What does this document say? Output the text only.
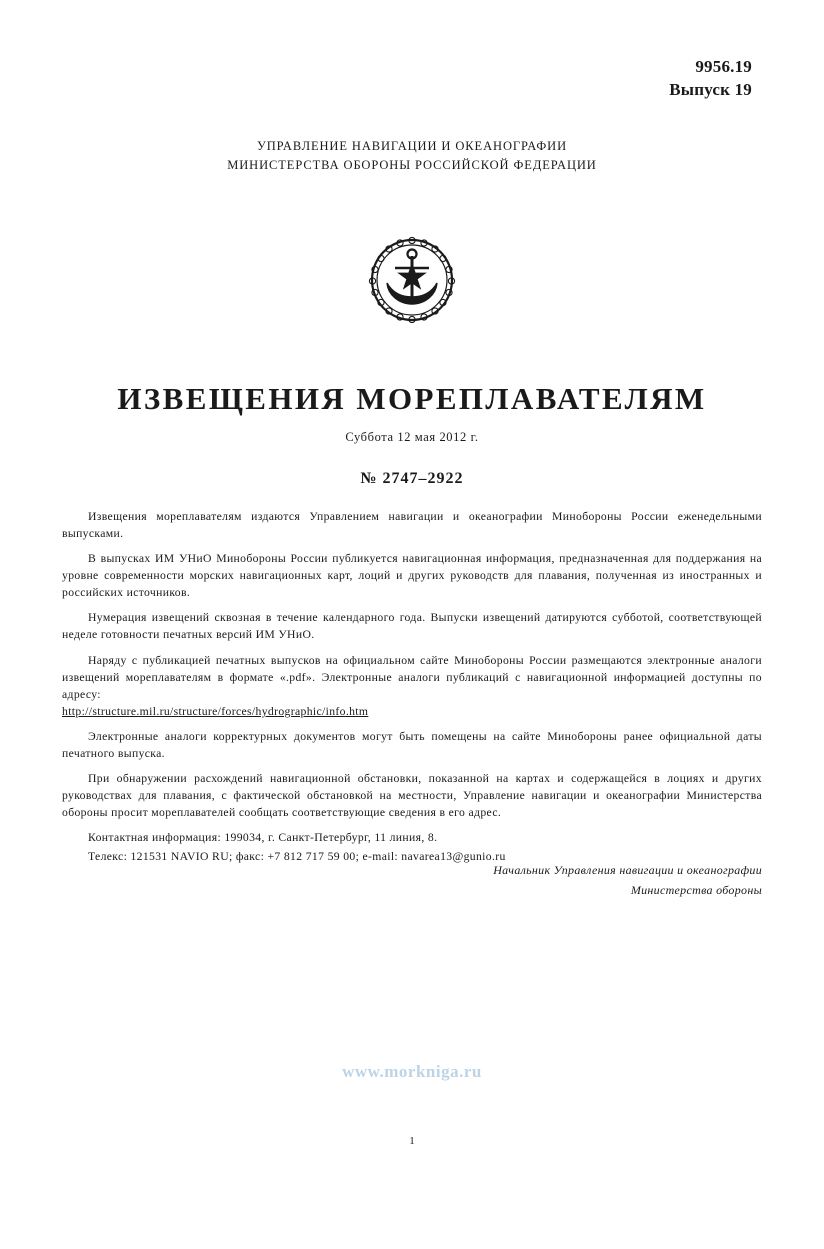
9956.19
Выпуск 19
УПРАВЛЕНИЕ НАВИГАЦИИ И ОКЕАНОГРАФИИ
МИНИСТЕРСТВА ОБОРОНЫ РОССИЙСКОЙ ФЕДЕРАЦИИ
ИЗВЕЩЕНИЯ МОРЕПЛАВАТЕЛЯМ
Суббота 12 мая 2012 г.
№ 2747–2922

Извещения мореплавателям издаются Управлением навигации и океанографии Минобороны России еженедельными выпусками.

В выпусках ИМ УНиО Минобороны России публикуется навигационная информация, предназначенная для поддержания на уровне современности морских навигационных карт, лоций и других руководств для плавания, полученная из иностранных и российских источников.

Нумерация извещений сквозная в течение календарного года. Выпуски извещений датируются субботой, соответствующей неделе готовности печатных версий ИМ УНиО.

Наряду с публикацией печатных выпусков на официальном сайте Минобороны России размещаются электронные аналоги извещений мореплавателям в формате «.pdf». Электронные аналоги публикаций с навигационной информацией доступны по адресу:
http://structure.mil.ru/structure/forces/hydrographic/info.htm

Электронные аналоги корректурных документов могут быть помещены на сайте Минобороны ранее официальной даты печатного выпуска.

При обнаружении расхождений навигационной обстановки, показанной на картах и содержащейся в лоциях и других руководствах для плавания, с фактической обстановкой на местности, Управление навигации и океанографии Министерства обороны просит мореплавателей сообщать соответствующие сведения в его адрес.

Контактная информация: 199034, г. Санкт-Петербург, 11 линия, 8.

Телекс: 121531 NAVIO RU; факс: +7 812 717 59 00; e-mail: navarea13@gunio.ru

Начальник Управления навигации и океанографии
Министерства обороны
www.morkniga.ru
1
